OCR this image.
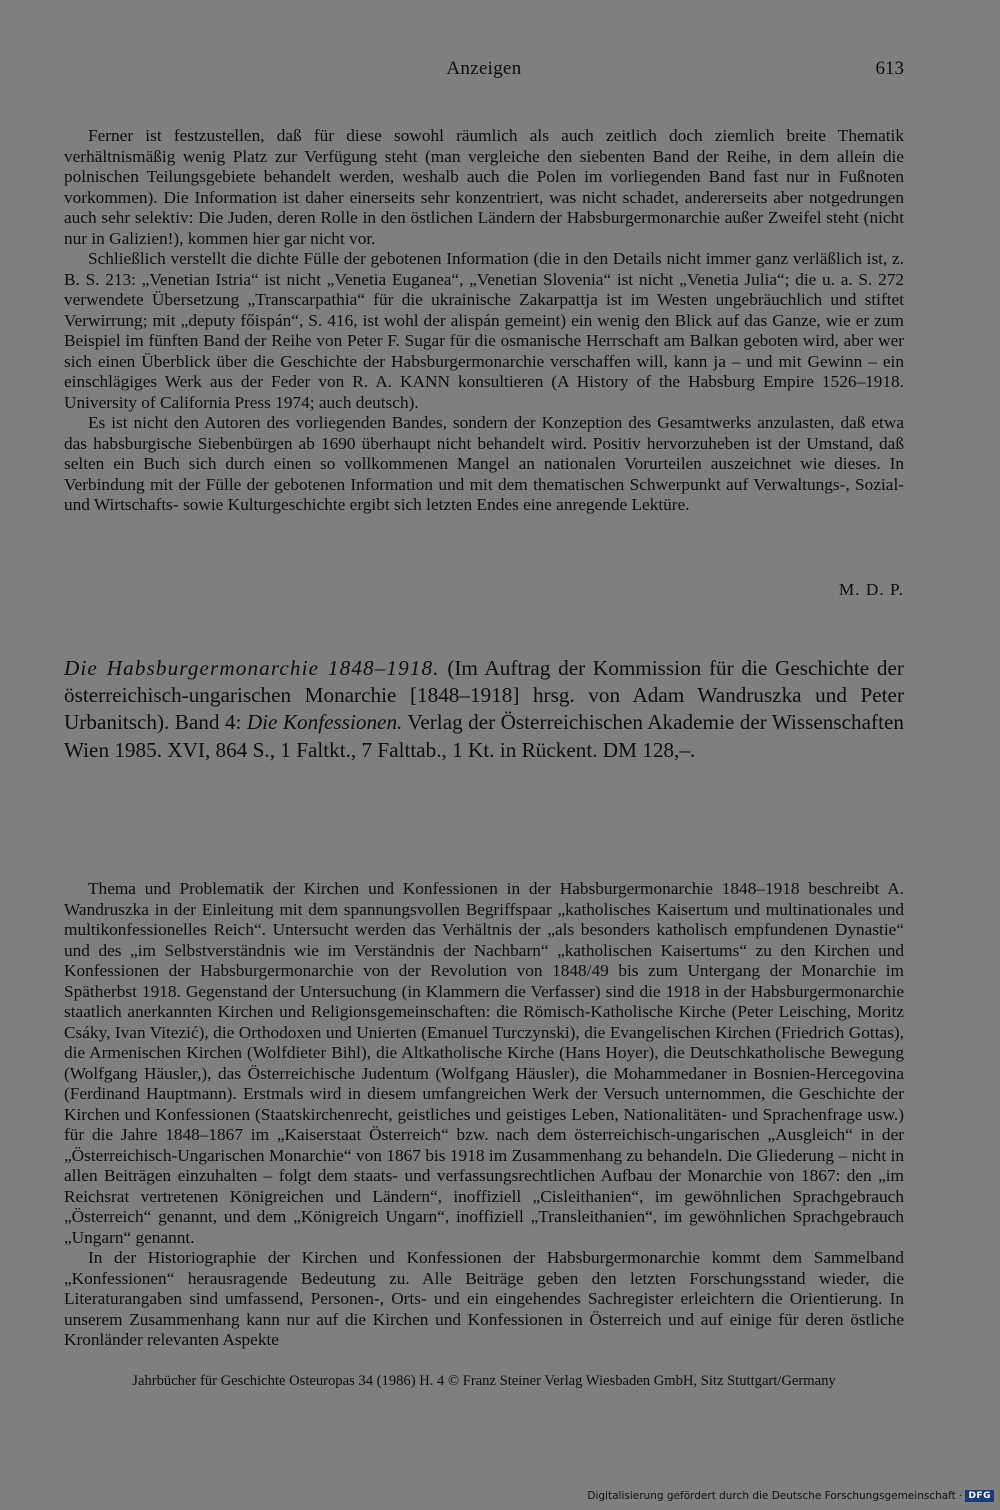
Anzeigen	613

Ferner ist festzustellen, daß für diese sowohl räumlich als auch zeitlich doch ziemlich breite Thematik verhältnismäßig wenig Platz zur Verfügung steht (man vergleiche den siebenten Band der Reihe, in dem allein die polnischen Teilungsgebiete behandelt werden, weshalb auch die Polen im vorliegenden Band fast nur in Fußnoten vorkommen). Die Information ist daher einerseits sehr konzentriert, was nicht schadet, andererseits aber notgedrungen auch sehr selektiv: Die Juden, deren Rolle in den östlichen Ländern der Habsburgermonarchie außer Zweifel steht (nicht nur in Galizien!), kommen hier gar nicht vor.

Schließlich verstellt die dichte Fülle der gebotenen Information (die in den Details nicht immer ganz verläßlich ist, z. B. S. 213: „Venetian Istria“ ist nicht „Venetia Euganea“, „Venetian Slovenia“ ist nicht „Venetia Julia“; die u. a. S. 272 verwendete Übersetzung „Transcarpathia“ für die ukrainische Zakarpattja ist im Westen ungebräuchlich und stiftet Verwirrung; mit „deputy főispán“, S. 416, ist wohl der alispán gemeint) ein wenig den Blick auf das Ganze, wie er zum Beispiel im fünften Band der Reihe von Peter F. Sugar für die osmanische Herrschaft am Balkan geboten wird, aber wer sich einen Überblick über die Geschichte der Habsburgermonarchie verschaffen will, kann ja – und mit Gewinn – ein einschlägiges Werk aus der Feder von R. A. KANN konsultieren (A History of the Habsburg Empire 1526–1918. University of California Press 1974; auch deutsch).

Es ist nicht den Autoren des vorliegenden Bandes, sondern der Konzeption des Gesamtwerks anzulasten, daß etwa das habsburgische Siebenbürgen ab 1690 überhaupt nicht behandelt wird. Positiv hervorzuheben ist der Umstand, daß selten ein Buch sich durch einen so vollkommenen Mangel an nationalen Vorurteilen auszeichnet wie dieses. In Verbindung mit der Fülle der gebotenen Information und mit dem thematischen Schwerpunkt auf Verwaltungs-, Sozial- und Wirtschafts- sowie Kulturgeschichte ergibt sich letzten Endes eine anregende Lektüre.

M. D. P.
Die Habsburgermonarchie 1848–1918. (Im Auftrag der Kommission für die Geschichte der österreichisch-ungarischen Monarchie [1848–1918] hrsg. von Adam Wandruszka und Peter Urbanitsch). Band 4: Die Konfessionen. Verlag der Österreichischen Akademie der Wissenschaften Wien 1985. XVI, 864 S., 1 Faltkt., 7 Falttab., 1 Kt. in Rückent. DM 128,–.

Thema und Problematik der Kirchen und Konfessionen in der Habsburgermonarchie 1848–1918 beschreibt A. Wandruszka in der Einleitung mit dem spannungsvollen Begriffspaar „katholisches Kaisertum und multinationales und multikonfessionelles Reich“. Untersucht werden das Verhältnis der „als besonders katholisch empfundenen Dynastie“ und des „im Selbstverständnis wie im Verständnis der Nachbarn“ „katholischen Kaisertums“ zu den Kirchen und Konfessionen der Habsburgermonarchie von der Revolution von 1848/49 bis zum Untergang der Monarchie im Spätherbst 1918. Gegenstand der Untersuchung (in Klammern die Verfasser) sind die 1918 in der Habsburgermonarchie staatlich anerkannten Kirchen und Religionsgemeinschaften: die Römisch-Katholische Kirche (Peter Leisching, Moritz Csáky, Ivan Vitezić), die Orthodoxen und Unierten (Emanuel Turczynski), die Evangelischen Kirchen (Friedrich Gottas), die Armenischen Kirchen (Wolfdieter Bihl), die Altkatholische Kirche (Hans Hoyer), die Deutschkatholische Bewegung (Wolfgang Häusler,), das Österreichische Judentum (Wolfgang Häusler), die Mohammedaner in Bosnien-Hercegovina (Ferdinand Hauptmann). Erstmals wird in diesem umfangreichen Werk der Versuch unternommen, die Geschichte der Kirchen und Konfessionen (Staatskirchenrecht, geistliches und geistiges Leben, Nationalitäten- und Sprachenfrage usw.) für die Jahre 1848–1867 im „Kaiserstaat Österreich“ bzw. nach dem österreichisch-ungarischen „Ausgleich“ in der „Österreichisch-Ungarischen Monarchie“ von 1867 bis 1918 im Zusammenhang zu behandeln. Die Gliederung – nicht in allen Beiträgen einzuhalten – folgt dem staats- und verfassungsrechtlichen Aufbau der Monarchie von 1867: den „im Reichsrat vertretenen Königreichen und Ländern“, inoffiziell „Cisleithanien“, im gewöhnlichen Sprachgebrauch „Österreich“ genannt, und dem „Königreich Ungarn“, inoffiziell „Transleithanien“, im gewöhnlichen Sprachgebrauch „Ungarn“ genannt.

In der Historiographie der Kirchen und Konfessionen der Habsburgermonarchie kommt dem Sammelband „Konfessionen“ herausragende Bedeutung zu. Alle Beiträge geben den letzten Forschungsstand wieder, die Literaturangaben sind umfassend, Personen-, Orts- und ein eingehendes Sachregister erleichtern die Orientierung. In unserem Zusammenhang kann nur auf die Kirchen und Konfessionen in Österreich und auf einige für deren östliche Kronländer relevanten Aspekte

Jahrbücher für Geschichte Osteuropas 34 (1986) H. 4 © Franz Steiner Verlag Wiesbaden GmbH, Sitz Stuttgart/Germany
Digitalisierung gefördert durch die Deutsche Forschungsgemeinschaft · DFG
